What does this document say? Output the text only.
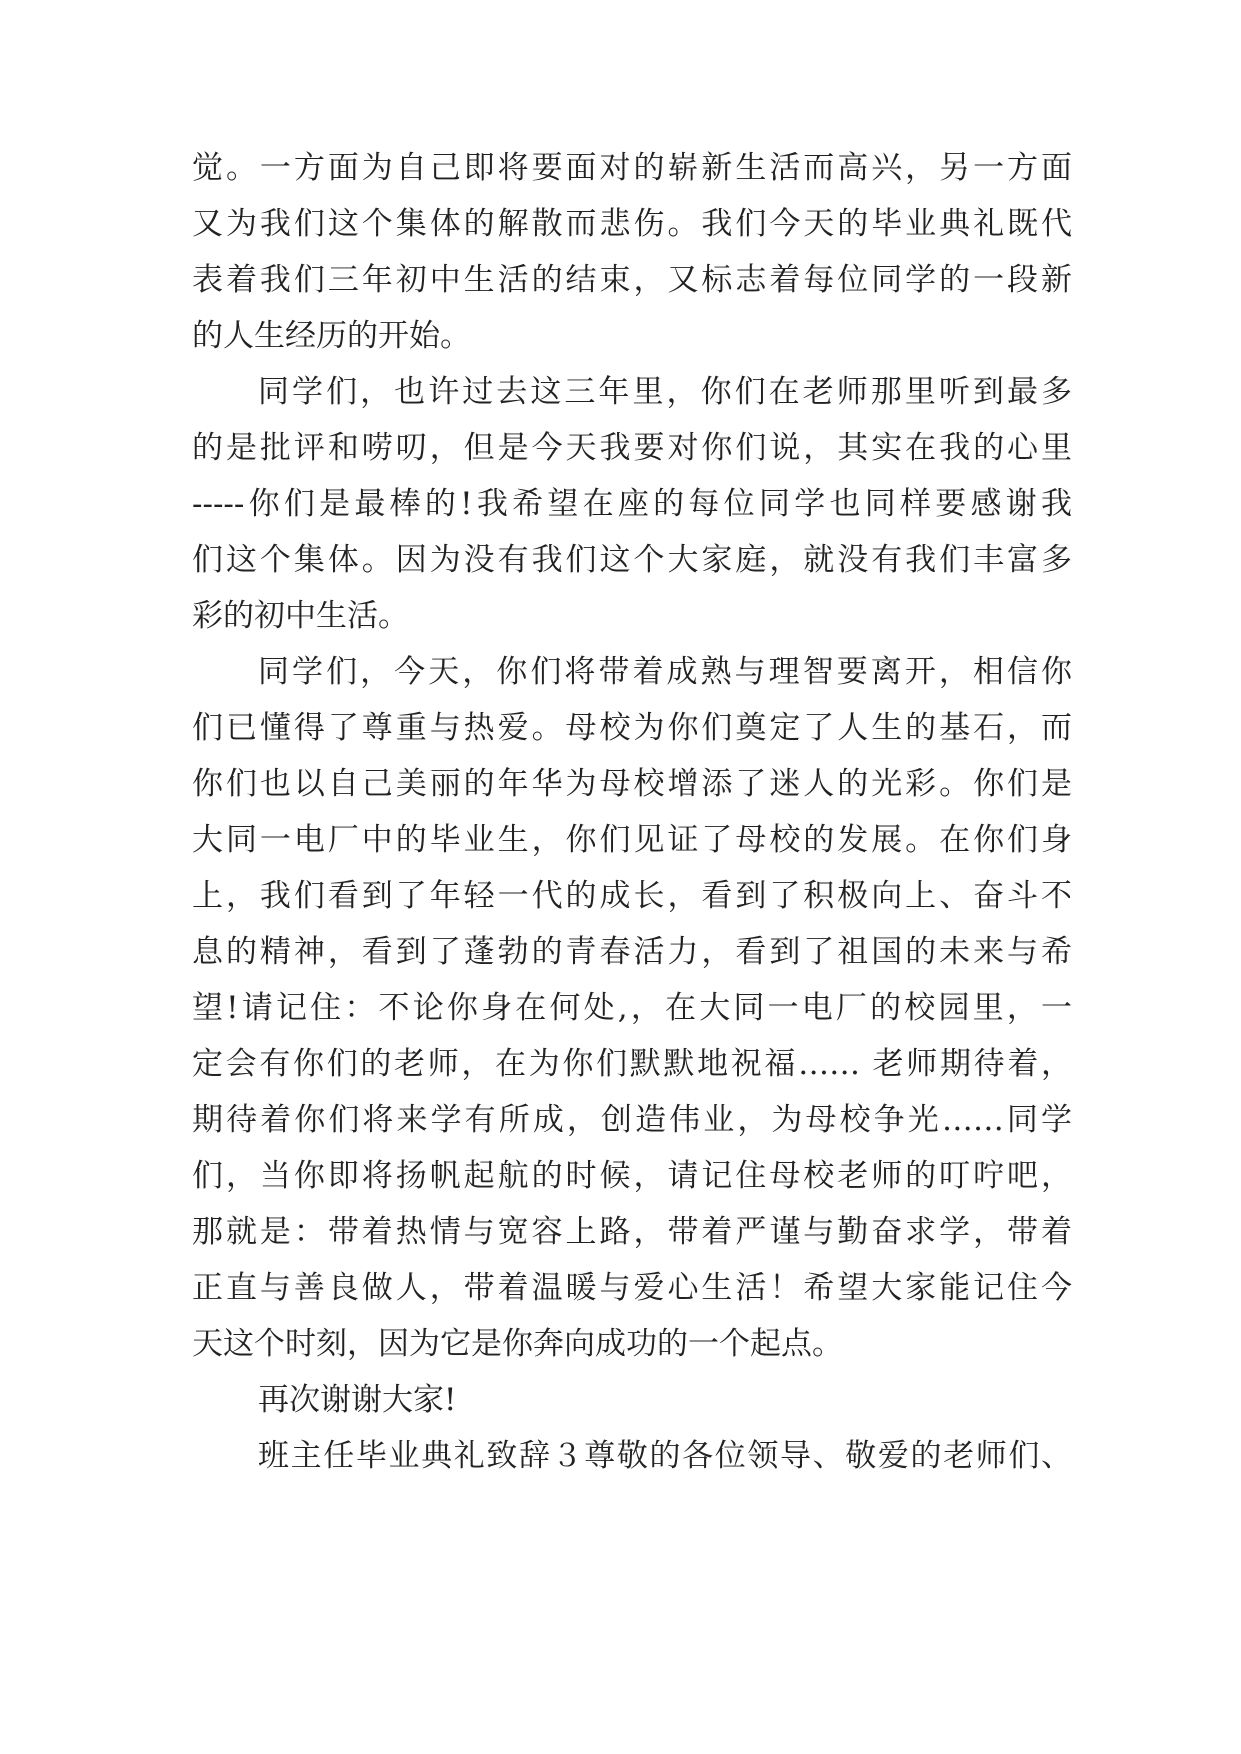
觉。一方面为自己即将要面对的崭新生活而高兴，另一方面
又为我们这个集体的解散而悲伤。我们今天的毕业典礼既代
表着我们三年初中生活的结束，又标志着每位同学的一段新
的人生经历的开始。
同学们，也许过去这三年里，你们在老师那里听到最多
的是批评和唠叨，但是今天我要对你们说，其实在我的心里
-----你们是最棒的!我希望在座的每位同学也同样要感谢我
们这个集体。因为没有我们这个大家庭，就没有我们丰富多
彩的初中生活。
同学们，今天，你们将带着成熟与理智要离开，相信你
们已懂得了尊重与热爱。母校为你们奠定了人生的基石，而
你们也以自己美丽的年华为母校增添了迷人的光彩。你们是
大同一电厂中的毕业生，你们见证了母校的发展。在你们身
上，我们看到了年轻一代的成长，看到了积极向上、奋斗不
息的精神，看到了蓬勃的青春活力，看到了祖国的未来与希
望!请记住：不论你身在何处,，在大同一电厂的校园里，一
定会有你们的老师，在为你们默默地祝福…… 老师期待着，
期待着你们将来学有所成，创造伟业，为母校争光……同学
们，当你即将扬帆起航的时候，请记住母校老师的叮咛吧，
那就是：带着热情与宽容上路，带着严谨与勤奋求学，带着
正直与善良做人，带着温暖与爱心生活！希望大家能记住今
天这个时刻，因为它是你奔向成功的一个起点。
再次谢谢大家!
班主任毕业典礼致辞３尊敬的各位领导、敬爱的老师们、
